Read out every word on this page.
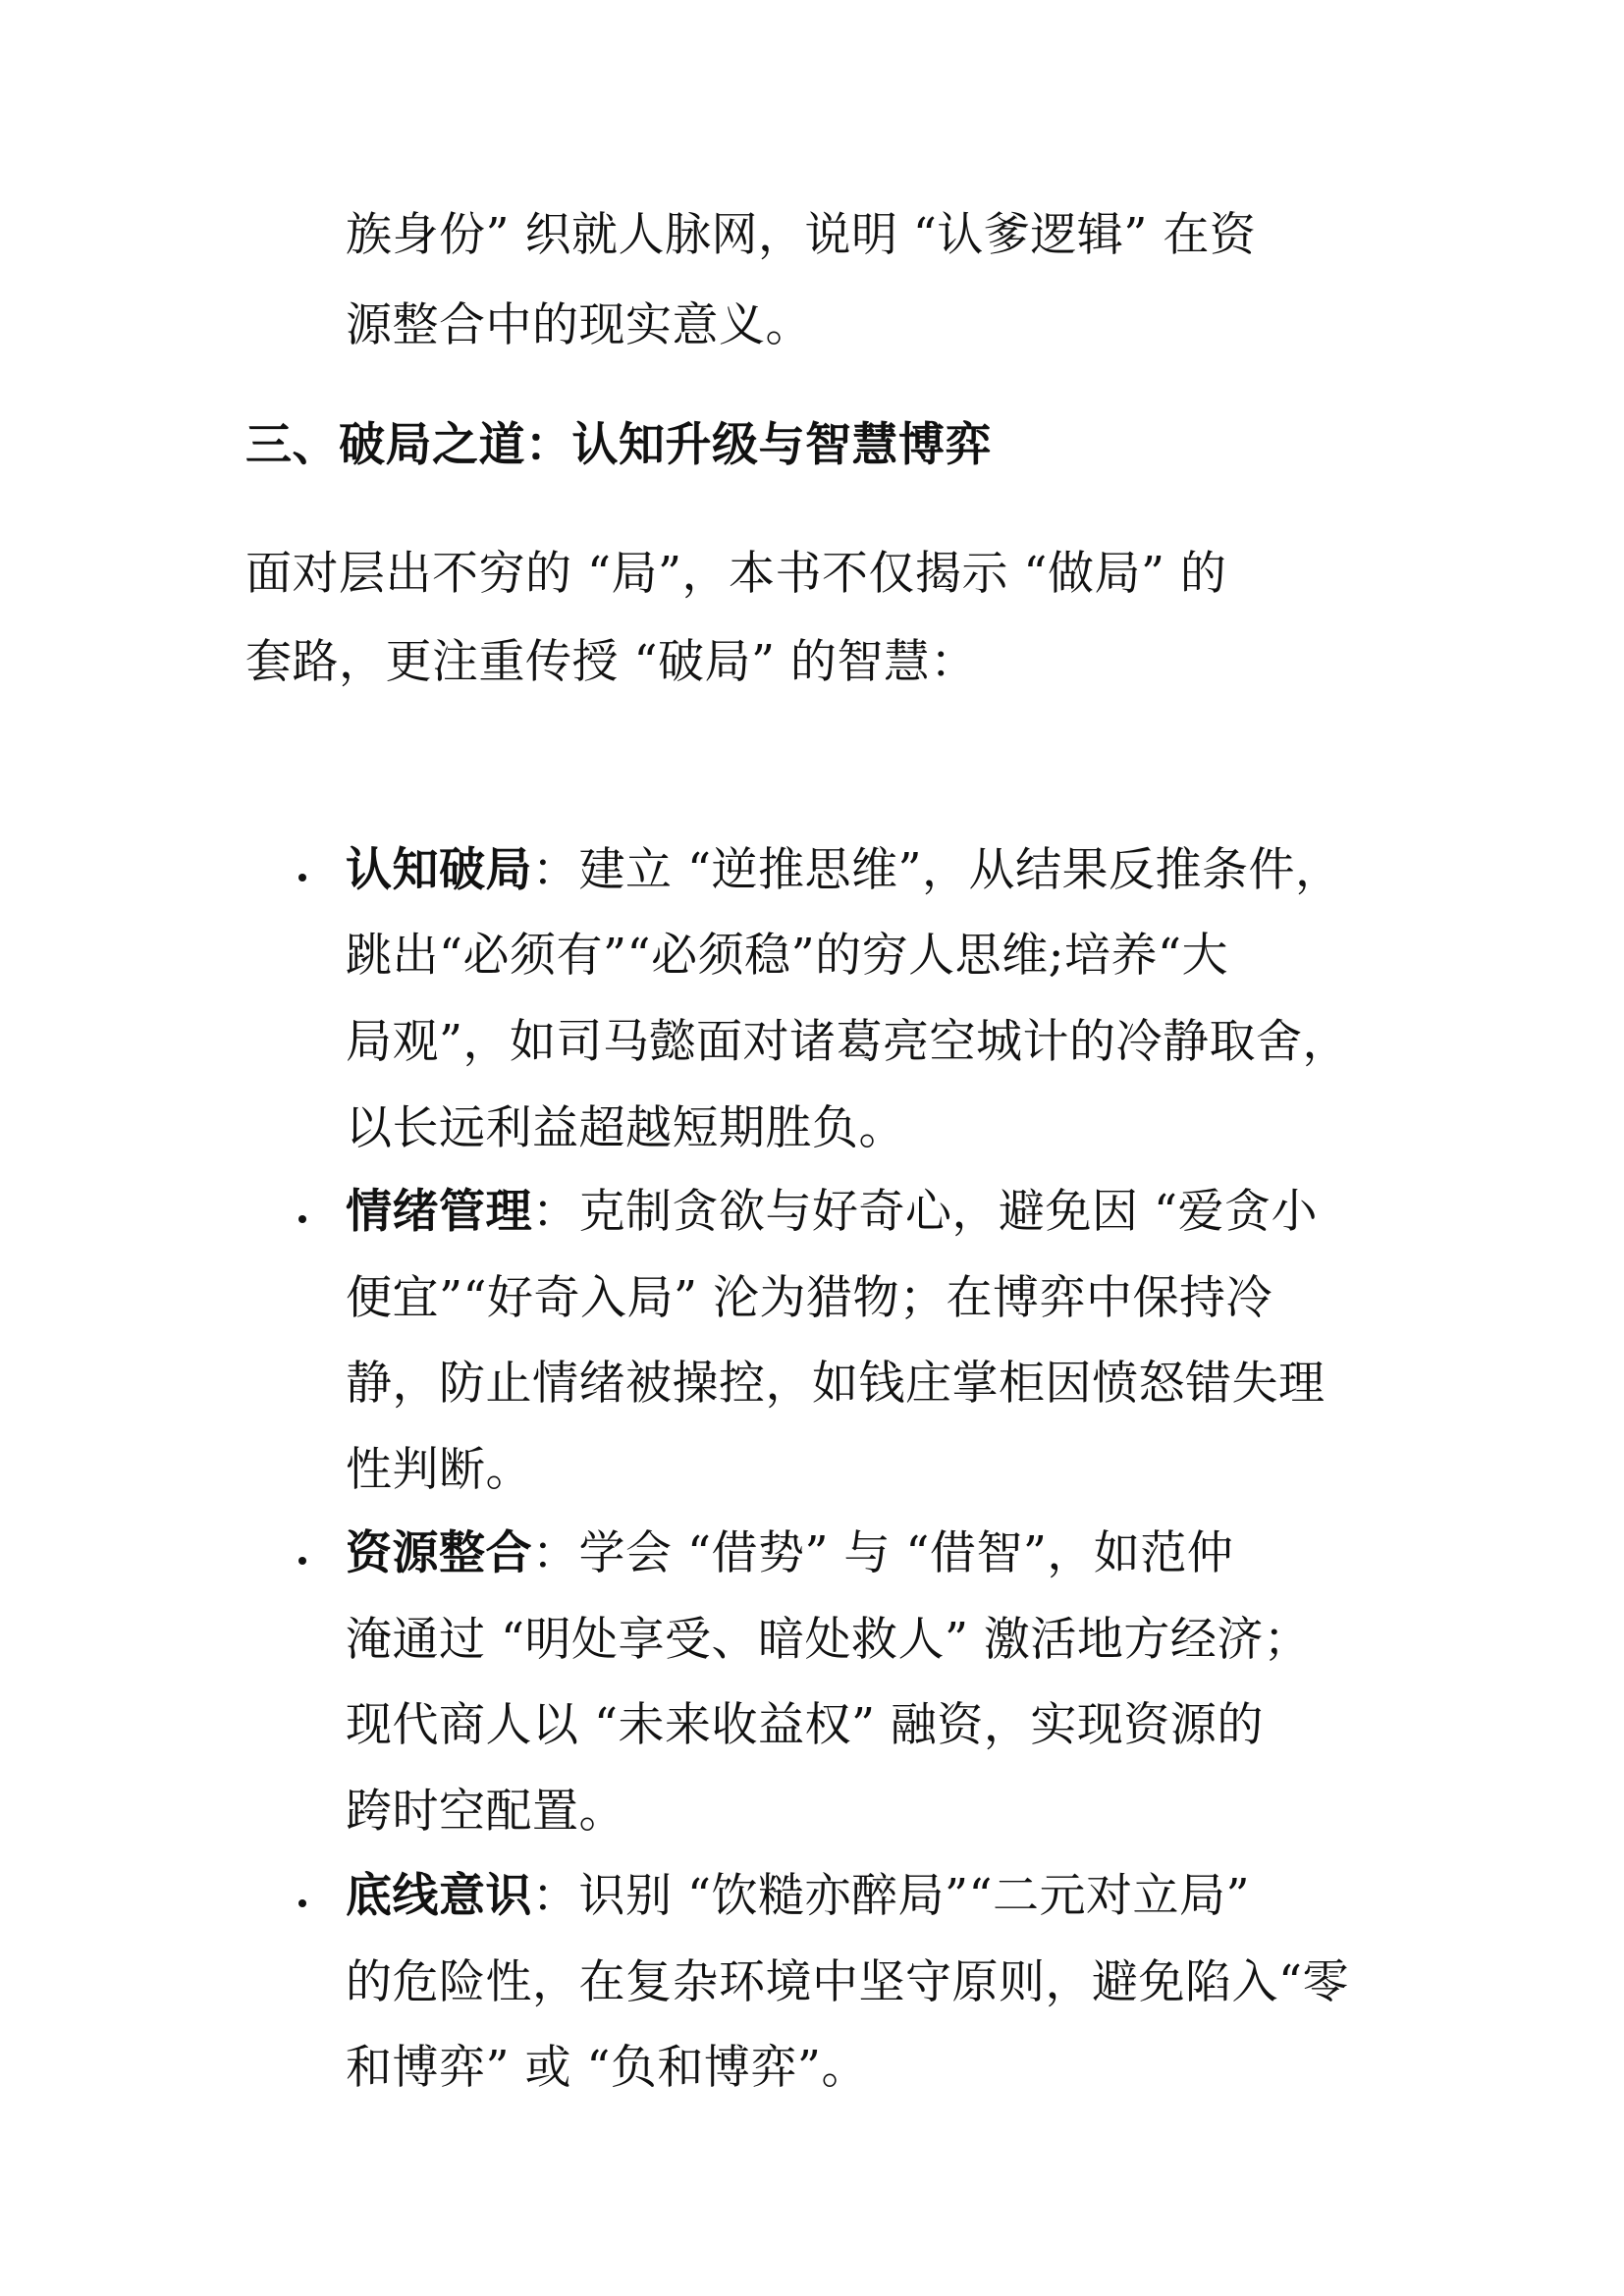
族身份” 织就人脉网，说明 “认爹逻辑” 在资
源整合中的现实意义。
三、破局之道：认知升级与智慧博弈
面对层出不穷的 “局”，本书不仅揭示 “做局” 的
套路，更注重传授 “破局” 的智慧：
认知破局：建立 “逆推思维”，从结果反推条件，
跳出“必须有”“必须稳”的穷人思维;培养“大
局观”，如司马懿面对诸葛亮空城计的冷静取舍，
以长远利益超越短期胜负。
情绪管理：克制贪欲与好奇心，避免因 “爱贪小
便宜”“好奇入局” 沦为猎物；在博弈中保持冷
静，防止情绪被操控，如钱庄掌柜因愤怒错失理
性判断。
资源整合：学会 “借势” 与 “借智”，如范仲
淹通过 “明处享受、暗处救人” 激活地方经济；
现代商人以 “未来收益权” 融资，实现资源的
跨时空配置。
底线意识：识别 “饮糙亦醉局”“二元对立局”
的危险性，在复杂环境中坚守原则，避免陷入“零
和博弈” 或 “负和博弈”。
